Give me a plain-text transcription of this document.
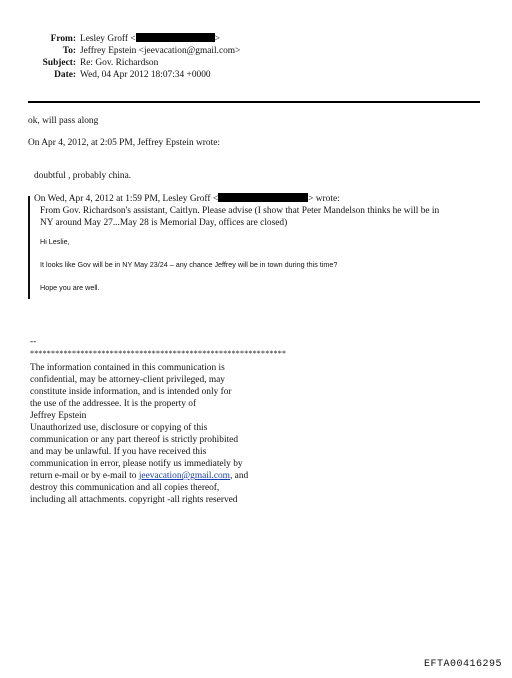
From: Lesley Groff <	>
To: Jeffrey Epstein <jeevacation@gmail.com>
Subject: Re: Gov. Richardson
Date: Wed, 04 Apr 2012 18:07:34 +0000
ok, will pass along
On Apr 4, 2012, at 2:05 PM, Jeffrey Epstein wrote:
doubtful , probably china.
On Wed, Apr 4, 2012 at 1:59 PM, Lesley Groff <	> wrote:
From Gov. Richardson's assistant, Caitlyn. Please advise (I show that Peter Mandelson thinks he will be in
NY around May 27...May 28 is Memorial Day, offices are closed)
Hi Leslie,
It looks like Gov will be in NY May 23/24 – any chance Jeffrey will be in town during this time?
Hope you are well.
--
*************************************************************
The information contained in this communication is
confidential, may be attorney-client privileged, may
constitute inside information, and is intended only for
the use of the addressee. It is the property of
Jeffrey Epstein
Unauthorized use, disclosure or copying of this
communication or any part thereof is strictly prohibited
and may be unlawful. If you have received this
communication in error, please notify us immediately by
return e-mail or by e-mail to jeevacation@gmail.com, and
destroy this communication and all copies thereof,
including all attachments. copyright -all rights reserved
EFTA00416295
